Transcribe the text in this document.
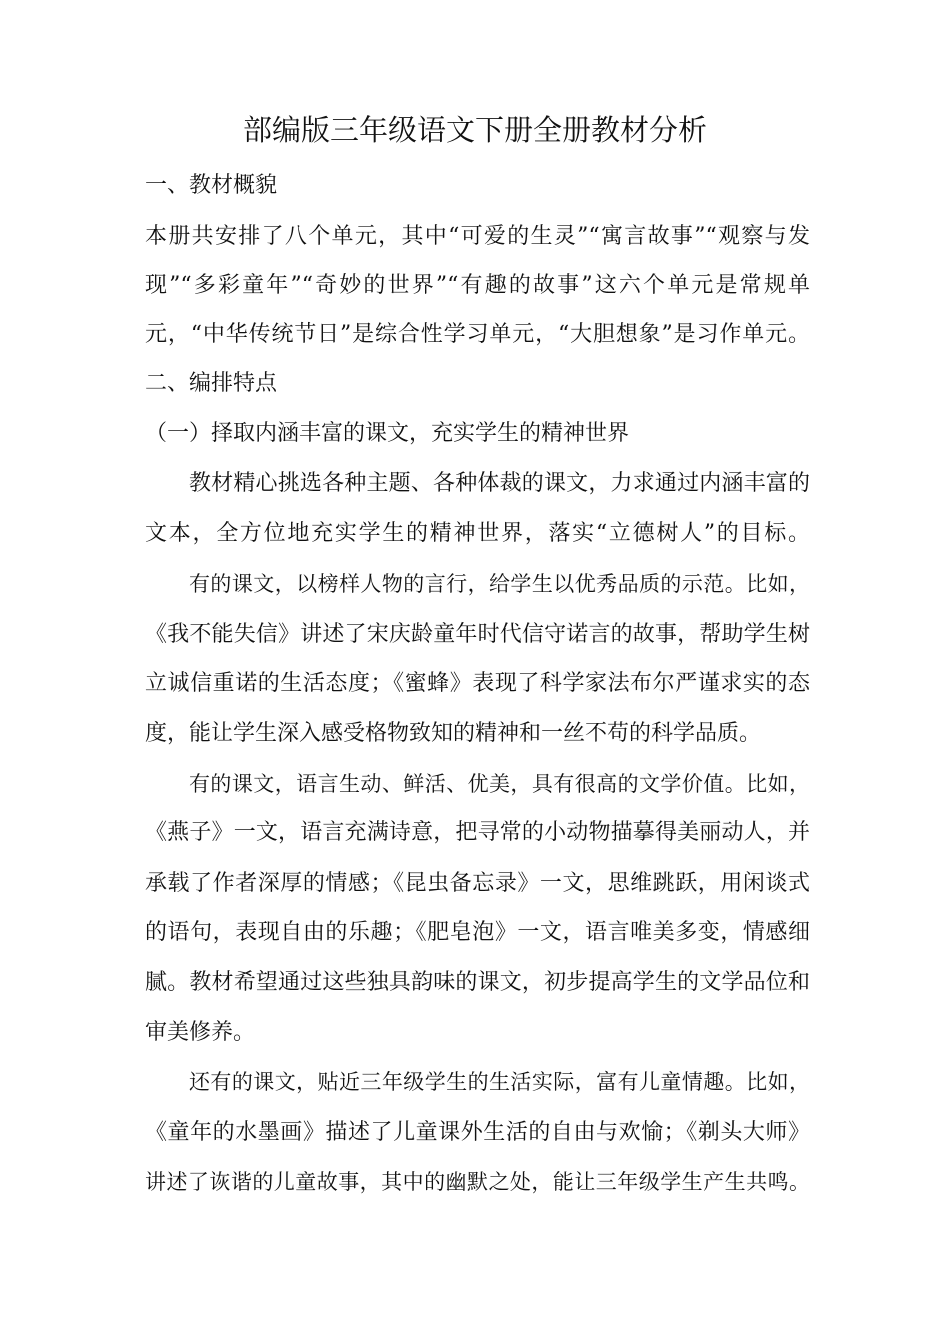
部编版三年级语文下册全册教材分析
一、教材概貌
本册共安排了八个单元，其中“可爱的生灵”“寓言故事”“观察与发
现”“多彩童年”“奇妙的世界”“有趣的故事”这六个单元是常规单
元，“中华传统节日”是综合性学习单元，“大胆想象”是习作单元。
二、编排特点
（一）择取内涵丰富的课文，充实学生的精神世界
教材精心挑选各种主题、各种体裁的课文，力求通过内涵丰富的
文本，全方位地充实学生的精神世界，落实“立德树人”的目标。
有的课文，以榜样人物的言行，给学生以优秀品质的示范。比如，
《我不能失信》讲述了宋庆龄童年时代信守诺言的故事，帮助学生树
立诚信重诺的生活态度；《蜜蜂》表现了科学家法布尔严谨求实的态
度，能让学生深入感受格物致知的精神和一丝不苟的科学品质。
有的课文，语言生动、鲜活、优美，具有很高的文学价值。比如，
《燕子》一文，语言充满诗意，把寻常的小动物描摹得美丽动人，并
承载了作者深厚的情感；《昆虫备忘录》一文，思维跳跃，用闲谈式
的语句，表现自由的乐趣；《肥皂泡》一文，语言唯美多变，情感细
腻。教材希望通过这些独具韵味的课文，初步提高学生的文学品位和
审美修养。
还有的课文，贴近三年级学生的生活实际，富有儿童情趣。比如，
《童年的水墨画》描述了儿童课外生活的自由与欢愉；《剃头大师》
讲述了诙谐的儿童故事，其中的幽默之处，能让三年级学生产生共鸣。
